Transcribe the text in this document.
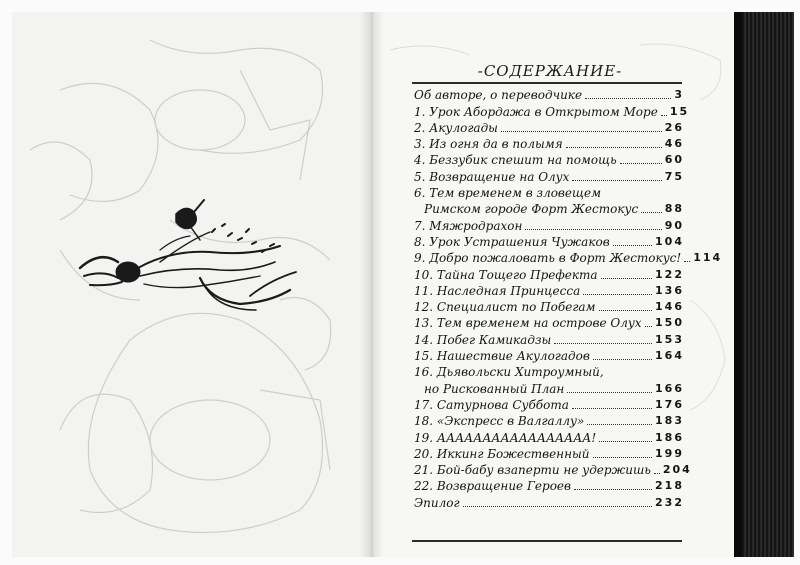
-СОДЕРЖАНИЕ-
Об авторе, о переводчике	3
1. Урок Абордажа в Открытом Море 15
2. Акулогады	26
3. Из огня да в полымя	46
4. Беззубик спешит на помощь	60
5. Возвращение на Олух	75
6. Тем временем в зловещем
Римском городе Форт Жестокус 88
7. Мяжродрахон	90
8. Урок Устрашения Чужаков	104
9. Добро пожаловать в Форт Жестокус! 114
10. Тайна Тощего Префекта	122
11. Наследная Принцесса	136
12. Специалист по Побегам	146
13. Тем временем на острове Олух 150
14. Побег Камикадзы	153
15. Нашествие Акулогадов	164
16. Дьявольски Хитроумный,
но Рискованный План	166
17. Сатурнова Суббота	176
18. «Экспресс в Валгаллу»	183
19. ААААААААААААААААА!	186
20. Иккинг Божественный	199
21. Бой-бабу взаперти не удержишь 204
22. Возвращение Героев	218
Эпилог	232
